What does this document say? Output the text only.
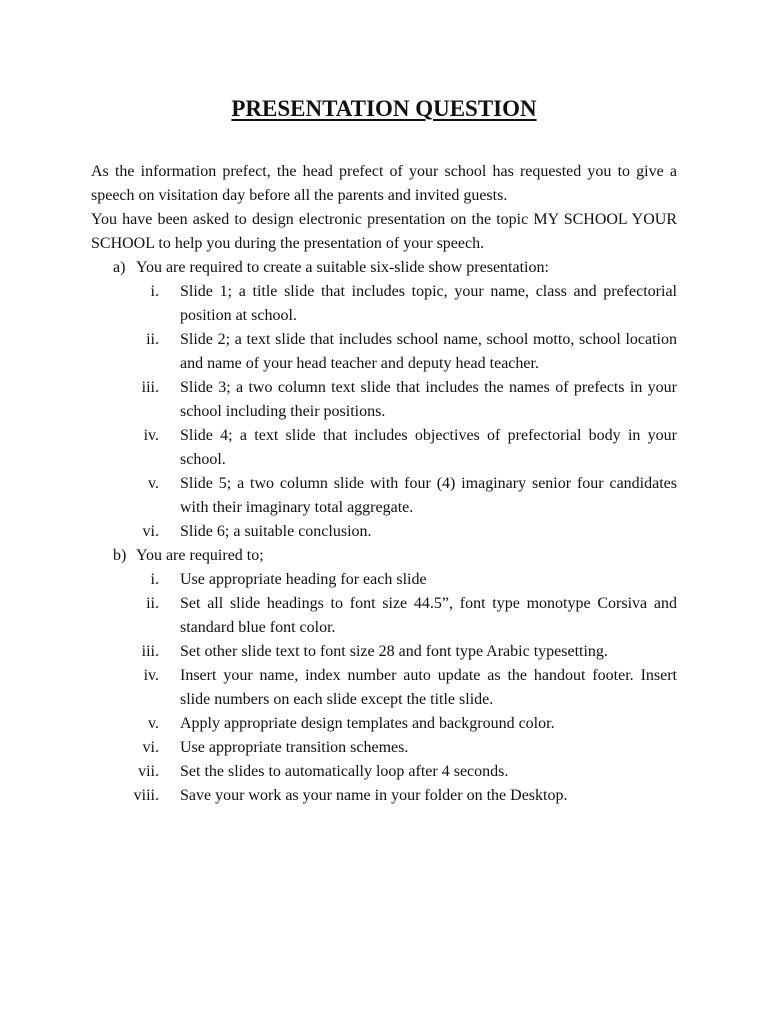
PRESENTATION QUESTION

As the information prefect, the head prefect of your school has requested you to give a speech on visitation day before all the parents and invited guests.

You have been asked to design electronic presentation on the topic MY SCHOOL YOUR SCHOOL to help you during the presentation of your speech.

a) You are required to create a suitable six-slide show presentation:
i. Slide 1; a title slide that includes topic, your name, class and prefectorial position at school.
ii. Slide 2; a text slide that includes school name, school motto, school location and name of your head teacher and deputy head teacher.
iii. Slide 3; a two column text slide that includes the names of prefects in your school including their positions.
iv. Slide 4; a text slide that includes objectives of prefectorial body in your school.
v. Slide 5; a two column slide with four (4) imaginary senior four candidates with their imaginary total aggregate.
vi. Slide 6; a suitable conclusion.
b) You are required to;
i. Use appropriate heading for each slide
ii. Set all slide headings to font size 44.5”, font type monotype Corsiva and standard blue font color.
iii. Set other slide text to font size 28 and font type Arabic typesetting.
iv. Insert your name, index number auto update as the handout footer. Insert slide numbers on each slide except the title slide.
v. Apply appropriate design templates and background color.
vi. Use appropriate transition schemes.
vii. Set the slides to automatically loop after 4 seconds.
viii. Save your work as your name in your folder on the Desktop.
